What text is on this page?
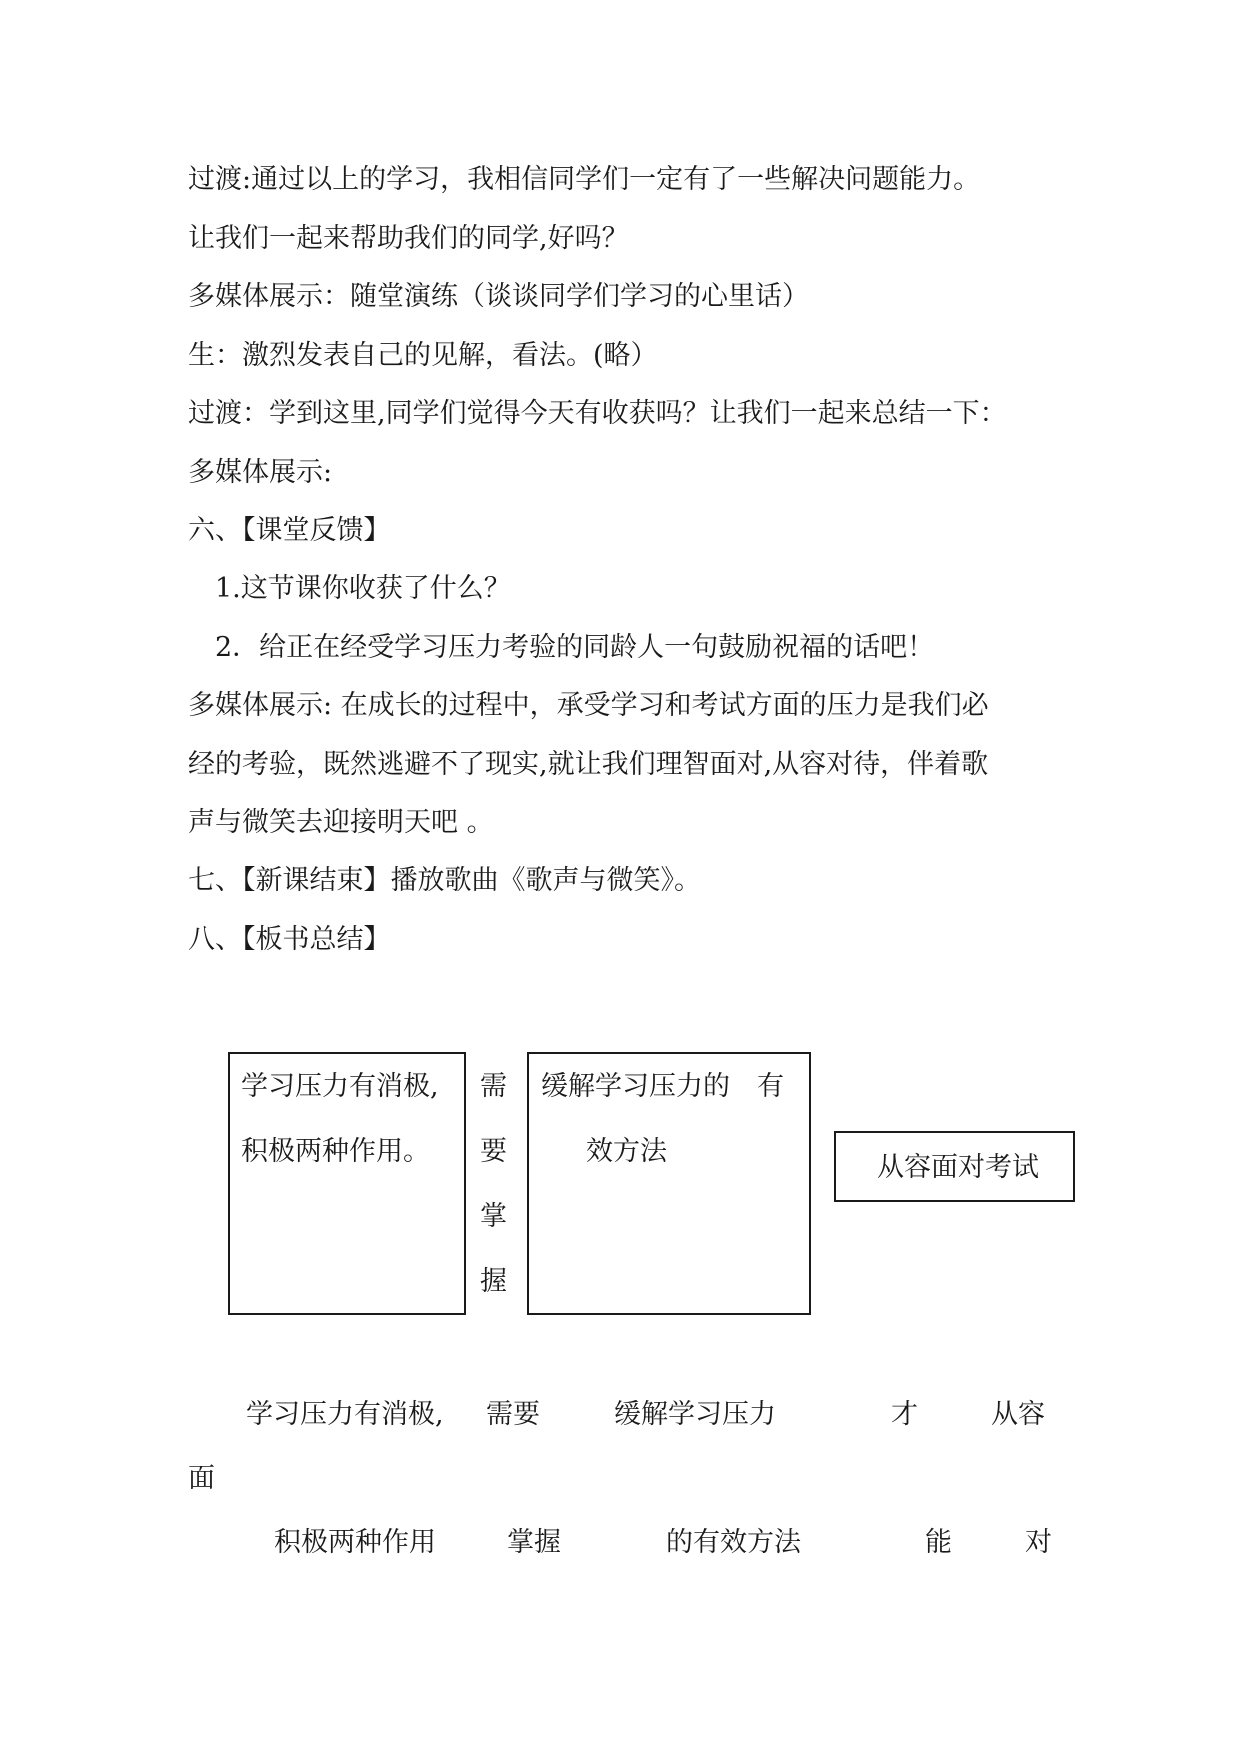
过渡:通过以上的学习，我相信同学们一定有了一些解决问题能力。
让我们一起来帮助我们的同学,好吗？
多媒体展示：随堂演练（谈谈同学们学习的心里话）
生：激烈发表自己的见解，看法。(略）
过渡：学到这里,同学们觉得今天有收获吗？让我们一起来总结一下：
多媒体展示:
六、【课堂反馈】
1.这节课你收获了什么？
2．给正在经受学习压力考验的同龄人一句鼓励祝福的话吧！
多媒体展示: 在成长的过程中，承受学习和考试方面的压力是我们必
经的考验，既然逃避不了现实,就让我们理智面对,从容对待，伴着歌
声与微笑去迎接明天吧 。
七、【新课结束】播放歌曲《歌声与微笑》。
八、【板书总结】
学习压力有消极,
积极两种作用。
需
要
掌
握
缓解学习压力的　有
效方法
从容面对考试
学习压力有消极, 需要	缓解学习压力	才	从容
面
积极两种作用	掌握	的有效方法	能	对
